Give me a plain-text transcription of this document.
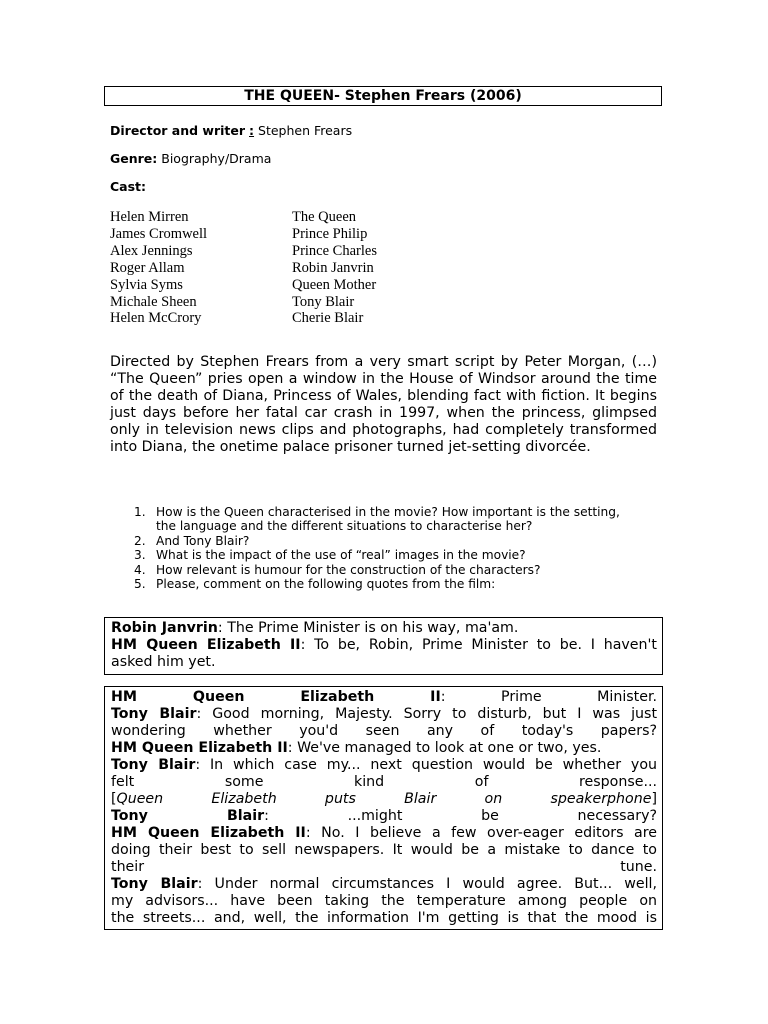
THE QUEEN- Stephen Frears (2006)
Director and writer : Stephen Frears
Genre: Biography/Drama
Cast:
Helen Mirren	The Queen
James Cromwell	Prince Philip
Alex Jennings	Prince Charles
Roger Allam	Robin Janvrin
Sylvia Syms	Queen Mother
Michale Sheen	Tony Blair
Helen McCrory	Cherie Blair
Directed by Stephen Frears from a very smart script by Peter Morgan, (…) “The Queen” pries open a window in the House of Windsor around the time of the death of Diana, Princess of Wales, blending fact with fiction. It begins just days before her fatal car crash in 1997, when the princess, glimpsed only in television news clips and photographs, had completely transformed into Diana, the onetime palace prisoner turned jet-setting divorcée.
1. How is the Queen characterised in the movie? How important is the setting,
the language and the different situations to characterise her?
2. And Tony Blair?
3. What is the impact of the use of “real” images in the movie?
4. How relevant is humour for the construction of the characters?
5. Please, comment on the following quotes from the film:
Robin Janvrin: The Prime Minister is on his way, ma'am.
HM Queen Elizabeth II: To be, Robin, Prime Minister to be. I haven't
asked him yet.
HM Queen Elizabeth II: Prime Minister.
Tony Blair: Good morning, Majesty. Sorry to disturb, but I was just
wondering whether you'd seen any of today's papers?
HM Queen Elizabeth II: We've managed to look at one or two, yes.
Tony Blair: In which case my... next question would be whether you
felt some kind of response...
[Queen Elizabeth puts Blair on speakerphone]
Tony Blair: ...might be necessary?
HM Queen Elizabeth II: No. I believe a few over-eager editors are
doing their best to sell newspapers. It would be a mistake to dance to
their tune.
Tony Blair: Under normal circumstances I would agree. But... well,
my advisors... have been taking the temperature among people on
the streets... and, well, the information I'm getting is that the mood is
